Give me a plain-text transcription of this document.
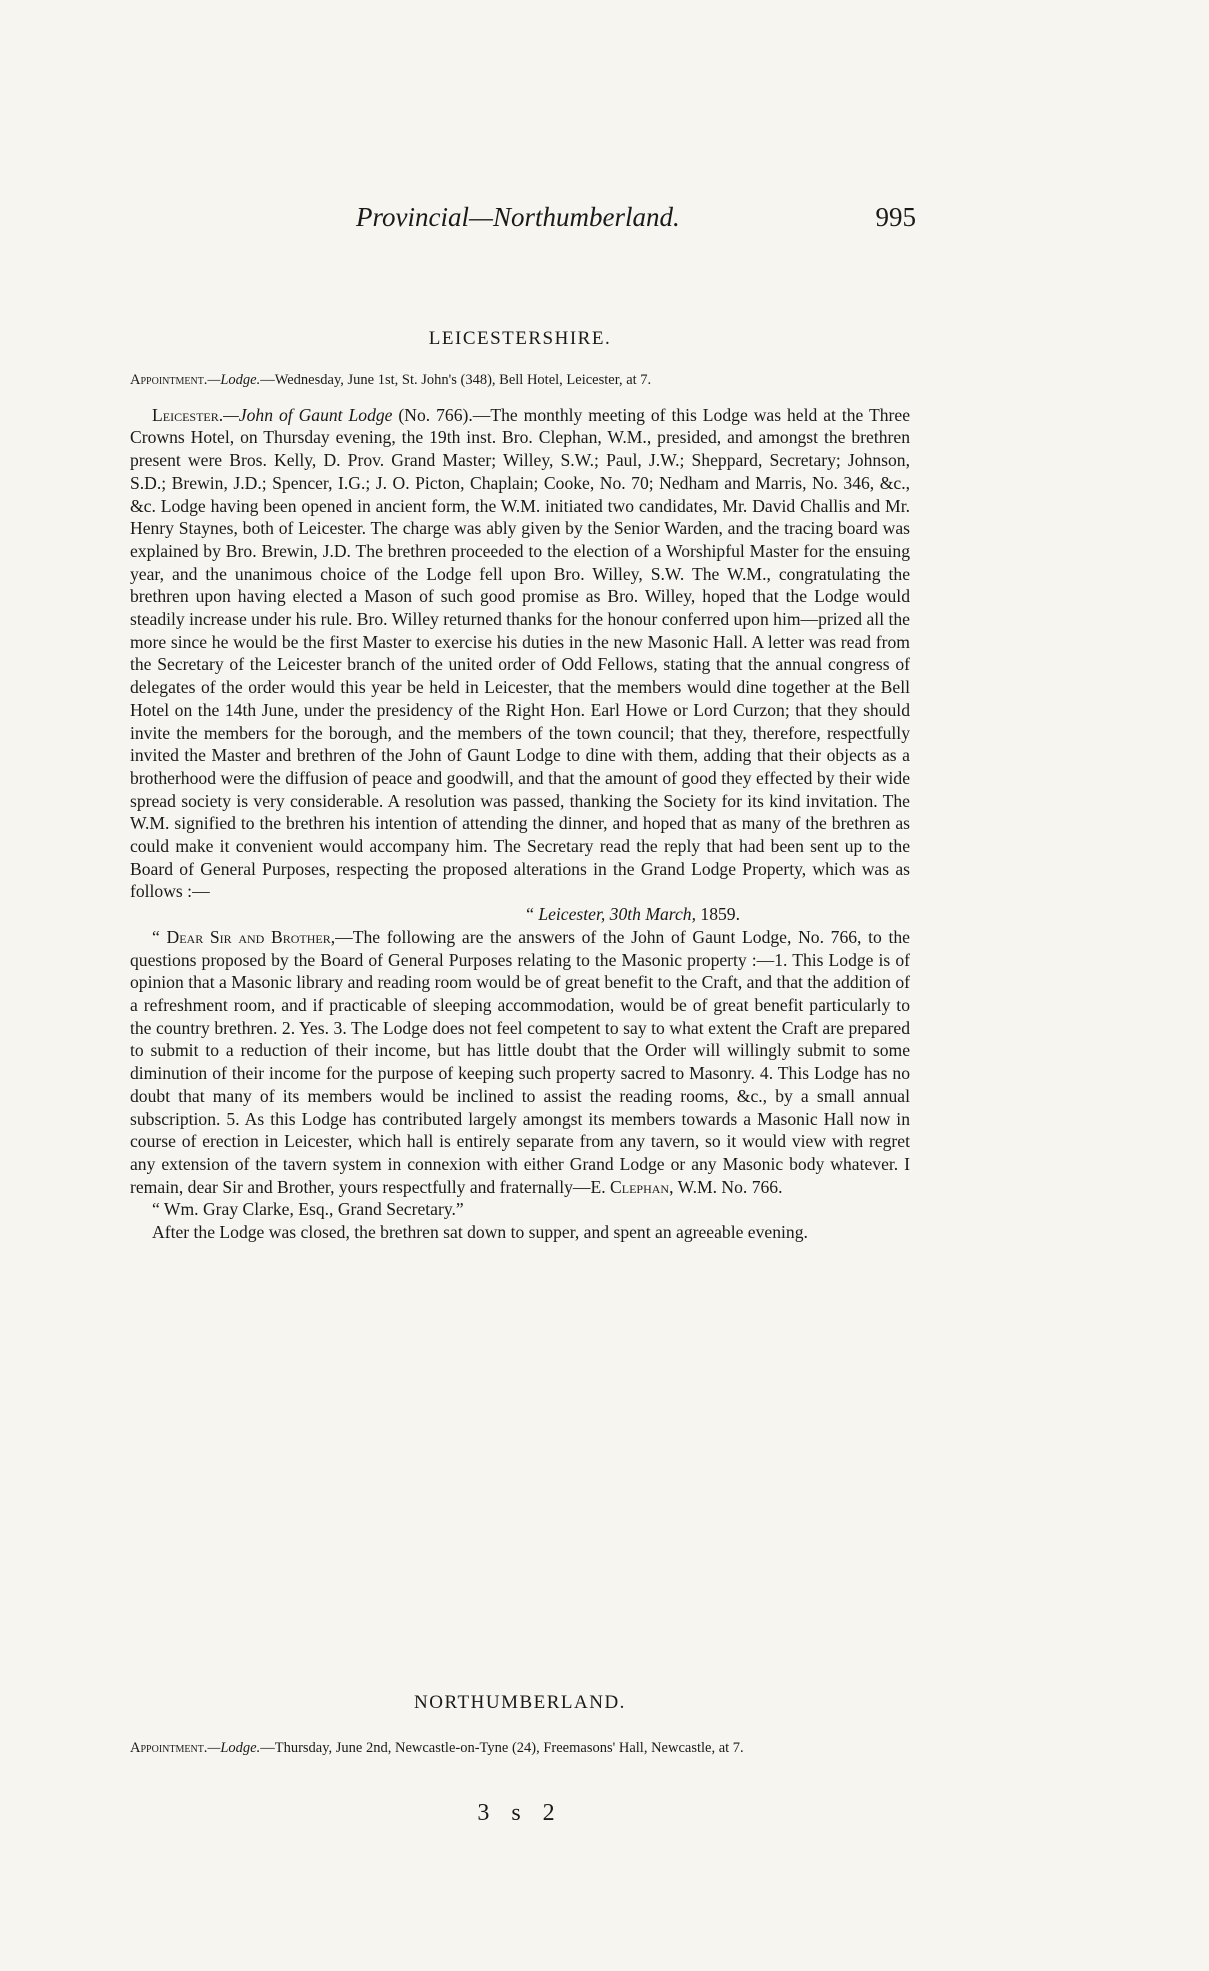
Provincial—Northumberland.	995

LEICESTERSHIRE.

Appointment.—Lodge.—Wednesday, June 1st, St. John's (348), Bell Hotel, Leicester, at 7.

Leicester.—John of Gaunt Lodge (No. 766).—The monthly meeting of this Lodge was held at the Three Crowns Hotel, on Thursday evening, the 19th inst. Bro. Clephan, W.M., presided, and amongst the brethren present were Bros. Kelly, D. Prov. Grand Master; Willey, S.W.; Paul, J.W.; Sheppard, Secretary; Johnson, S.D.; Brewin, J.D.; Spencer, I.G.; J. O. Picton, Chaplain; Cooke, No. 70; Nedham and Marris, No. 346, &c., &c. Lodge having been opened in ancient form, the W.M. initiated two candidates, Mr. David Challis and Mr. Henry Staynes, both of Leicester. The charge was ably given by the Senior Warden, and the tracing board was explained by Bro. Brewin, J.D. The brethren proceeded to the election of a Worshipful Master for the ensuing year, and the unanimous choice of the Lodge fell upon Bro. Willey, S.W. The W.M., congratulating the brethren upon having elected a Mason of such good promise as Bro. Willey, hoped that the Lodge would steadily increase under his rule. Bro. Willey returned thanks for the honour conferred upon him—prized all the more since he would be the first Master to exercise his duties in the new Masonic Hall. A letter was read from the Secretary of the Leicester branch of the united order of Odd Fellows, stating that the annual congress of delegates of the order would this year be held in Leicester, that the members would dine together at the Bell Hotel on the 14th June, under the presidency of the Right Hon. Earl Howe or Lord Curzon; that they should invite the members for the borough, and the members of the town council; that they, therefore, respectfully invited the Master and brethren of the John of Gaunt Lodge to dine with them, adding that their objects as a brotherhood were the diffusion of peace and goodwill, and that the amount of good they effected by their wide spread society is very considerable. A resolution was passed, thanking the Society for its kind invitation. The W.M. signified to the brethren his intention of attending the dinner, and hoped that as many of the brethren as could make it convenient would accompany him. The Secretary read the reply that had been sent up to the Board of General Purposes, respecting the proposed alterations in the Grand Lodge Property, which was as follows :—

“ Leicester, 30th March, 1859.

“ Dear Sir and Brother,—The following are the answers of the John of Gaunt Lodge, No. 766, to the questions proposed by the Board of General Purposes relating to the Masonic property :—1. This Lodge is of opinion that a Masonic library and reading room would be of great benefit to the Craft, and that the addition of a refreshment room, and if practicable of sleeping accommodation, would be of great benefit particularly to the country brethren. 2. Yes. 3. The Lodge does not feel competent to say to what extent the Craft are prepared to submit to a reduction of their income, but has little doubt that the Order will willingly submit to some diminution of their income for the purpose of keeping such property sacred to Masonry. 4. This Lodge has no doubt that many of its members would be inclined to assist the reading rooms, &c., by a small annual subscription. 5. As this Lodge has contributed largely amongst its members towards a Masonic Hall now in course of erection in Leicester, which hall is entirely separate from any tavern, so it would view with regret any extension of the tavern system in connexion with either Grand Lodge or any Masonic body whatever. I remain, dear Sir and Brother, yours respectfully and fraternally—E. Clephan, W.M. No. 766.

“ Wm. Gray Clarke, Esq., Grand Secretary.”

After the Lodge was closed, the brethren sat down to supper, and spent an agreeable evening.

NORTHUMBERLAND.

Appointment.—Lodge.—Thursday, June 2nd, Newcastle-on-Tyne (24), Freemasons' Hall, Newcastle, at 7.

3 s 2
